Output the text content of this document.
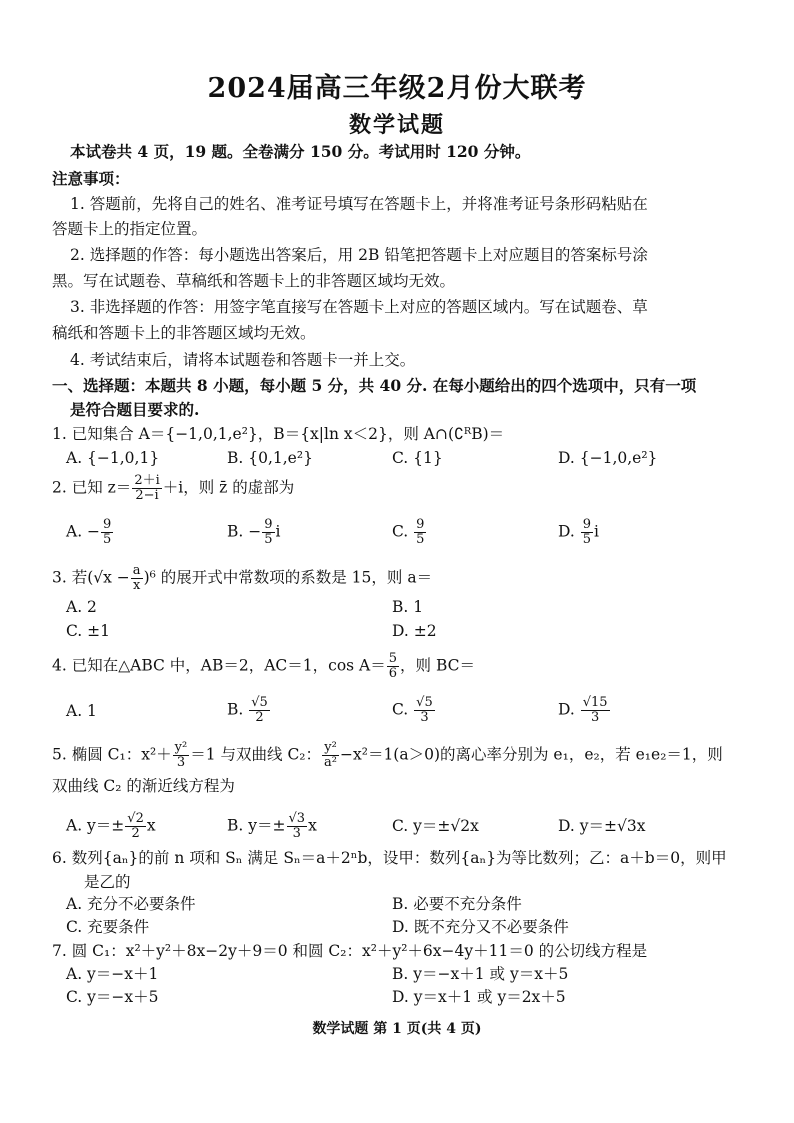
2024届高三年级2月份大联考
数学试题
本试卷共 4 页，19 题。全卷满分 150 分。考试用时 120 分钟。
注意事项：
1. 答题前，先将自己的姓名、准考证号填写在答题卡上，并将准考证号条形码粘贴在
答题卡上的指定位置。
2. 选择题的作答：每小题选出答案后，用 2B 铅笔把答题卡上对应题目的答案标号涂
黑。写在试题卷、草稿纸和答题卡上的非答题区域均无效。
3. 非选择题的作答：用签字笔直接写在答题卡上对应的答题区域内。写在试题卷、草
稿纸和答题卡上的非答题区域均无效。
4. 考试结束后，请将本试题卷和答题卡一并上交。
一、选择题：本题共 8 小题，每小题 5 分，共 40 分. 在每小题给出的四个选项中，只有一项
是符合题目要求的.
1. 已知集合 A＝{−1,0,1,e²}，B＝{x|ln x＜2}，则 A∩(∁ᴿB)＝
A. {−1,0,1}	B. {0,1,e²}	C. {1}	D. {−1,0,e²}
2. 已知 $z= \frac{2+i}{2-i} +i$，则 z̄ 的虚部为
A. − $\frac{9}{5}$	B. − $\frac{9}{5}$ i	C. $\frac{9}{5}$	D. $\frac{9}{5}$ i
3. 若$(√x - \frac{a}{x} )^6$ 的展开式中常数项的系数是 15，则 a＝
A. 2	B. 1
C. ±1	D. ±2
4. 已知在△ABC 中，AB＝2，AC＝1，$\cos A= \frac{5}{6}$ ，则 BC＝
A. 1	B. $\frac{√5}{2}$	C. $\frac{√5}{3}$	D. $\frac{√15}{3}$
5. 椭圆 C₁：$x^2+ \frac{\text{y²}}{3} =1$ 与双曲线 C₂： $\frac{\text{y²}}{\text{a²}} -x^2=1(a>0)$的离心率分别为 e₁，e₂，若 e₁e₂＝1，则
双曲线 C₂ 的渐近线方程为
A. $y=\pm \frac{√2}{2}$ x	B. $y=\pm \frac{√3}{3}$ x	C. y＝±√2x	D. y＝±√3x
6. 数列{aₙ}的前 n 项和 Sₙ 满足 Sₙ＝a＋2ⁿb，设甲：数列{aₙ}为等比数列；乙：a＋b＝0，则甲
是乙的
A. 充分不必要条件	B. 必要不充分条件
C. 充要条件	D. 既不充分又不必要条件
7. 圆 C₁：x²＋y²＋8x−2y＋9＝0 和圆 C₂：x²＋y²＋6x−4y＋11＝0 的公切线方程是
A. y＝−x＋1	B. y＝−x＋1 或 y＝x＋5
C. y＝−x＋5	D. y＝x＋1 或 y＝2x＋5
数学试题 第 1 页(共 4 页)
